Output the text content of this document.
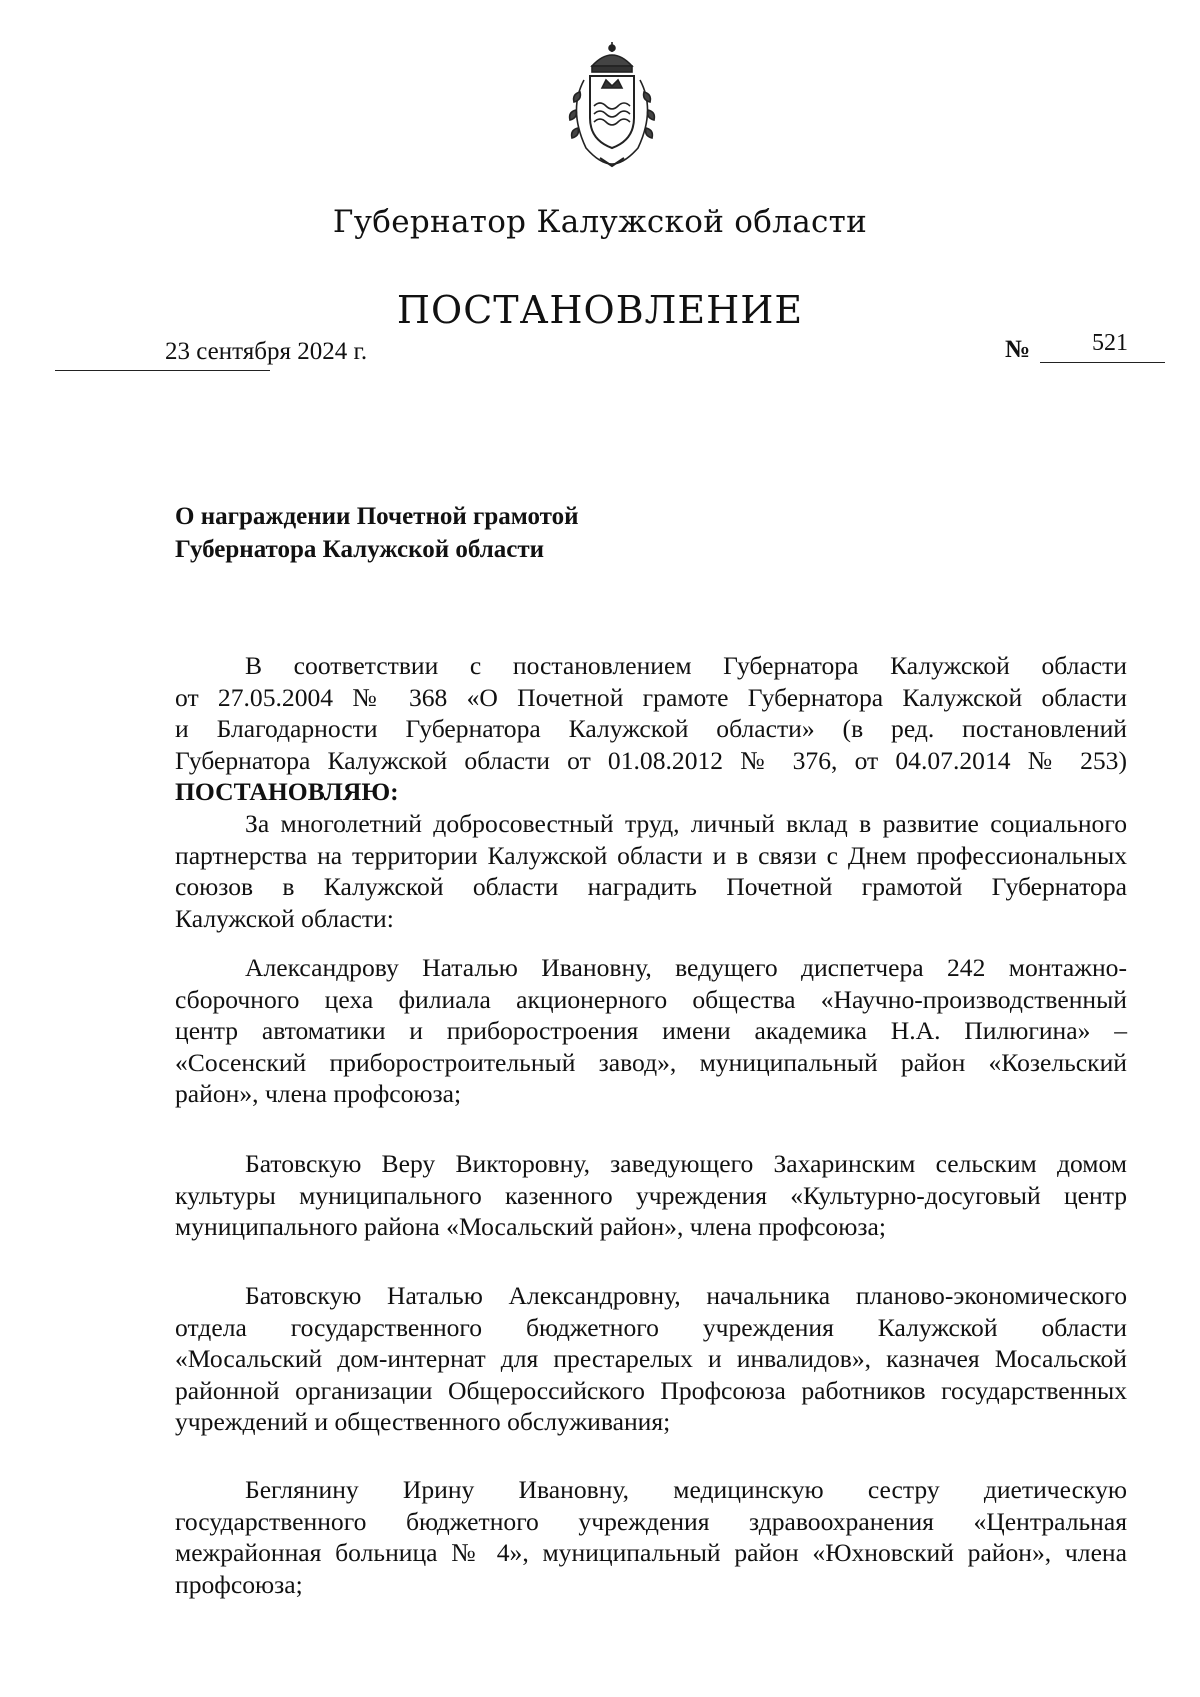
Губернатор Калужской области
ПОСТАНОВЛЕНИЕ
23 сентября 2024 г.	№	521
О награждении Почетной грамотой
Губернатора Калужской области
В соответствии с постановлением Губернатора Калужской области
от 27.05.2004 № 368 «О Почетной грамоте Губернатора Калужской области
и Благодарности Губернатора Калужской области» (в ред. постановлений
Губернатора Калужской области от 01.08.2012 № 376, от 04.07.2014 № 253)
ПОСТАНОВЛЯЮ:
За многолетний добросовестный труд, личный вклад в развитие социального
партнерства на территории Калужской области и в связи с Днем профессиональных
союзов в Калужской области наградить Почетной грамотой Губернатора
Калужской области:
Александрову Наталью Ивановну, ведущего диспетчера 242 монтажно-
сборочного цеха филиала акционерного общества «Научно-производственный
центр автоматики и приборостроения имени академика Н.А. Пилюгина» –
«Сосенский приборостроительный завод», муниципальный район «Козельский
район», члена профсоюза;
Батовскую Веру Викторовну, заведующего Захаринским сельским домом
культуры муниципального казенного учреждения «Культурно-досуговый центр
муниципального района «Мосальский район», члена профсоюза;
Батовскую Наталью Александровну, начальника планово-экономического
отдела государственного бюджетного учреждения Калужской области
«Мосальский дом-интернат для престарелых и инвалидов», казначея Мосальской
районной организации Общероссийского Профсоюза работников государственных
учреждений и общественного обслуживания;
Беглянину Ирину Ивановну, медицинскую сестру диетическую
государственного бюджетного учреждения здравоохранения «Центральная
межрайонная больница № 4», муниципальный район «Юхновский район», члена
профсоюза;
